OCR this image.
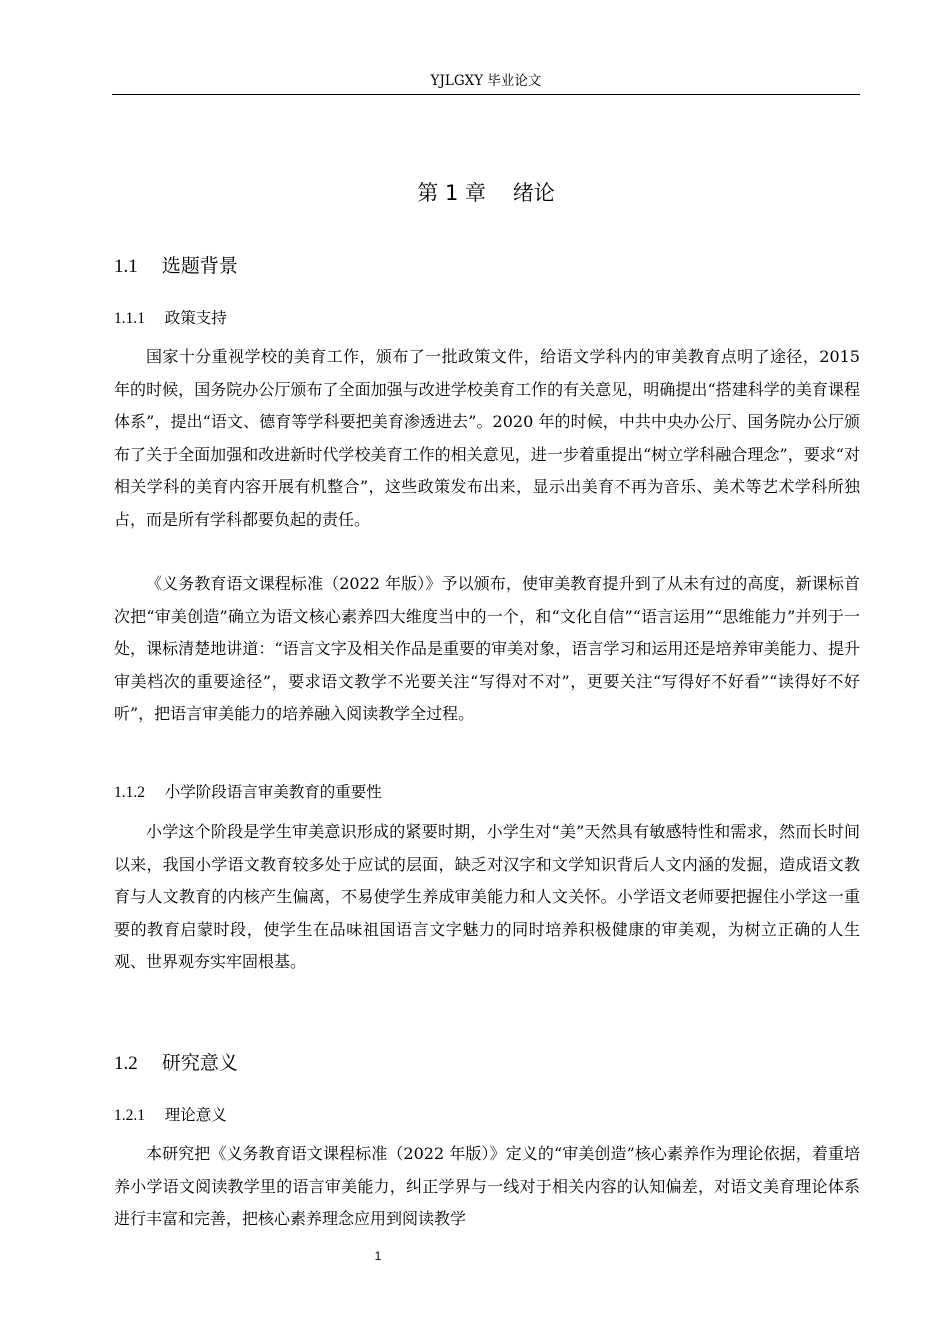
YJLGXY 毕业论文
第 1 章 绪论
1.1 选题背景
1.1.1 政策支持

国家十分重视学校的美育工作，颁布了一批政策文件，给语文学科内的审美教育点明了途径，2015 年的时候，国务院办公厅颁布了全面加强与改进学校美育工作的有关意见，明确提出“搭建科学的美育课程体系”，提出“语文、德育等学科要把美育渗透进去”。2020 年的时候，中共中央办公厅、国务院办公厅颁布了关于全面加强和改进新时代学校美育工作的相关意见，进一步着重提出“树立学科融合理念”，要求“对相关学科的美育内容开展有机整合”，这些政策发布出来，显示出美育不再为音乐、美术等艺术学科所独占，而是所有学科都要负起的责任。

《义务教育语文课程标准（2022 年版）》予以颁布，使审美教育提升到了从未有过的高度，新课标首次把“审美创造”确立为语文核心素养四大维度当中的一个，和“文化自信”“语言运用”“思维能力”并列于一处，课标清楚地讲道：“语言文字及相关作品是重要的审美对象，语言学习和运用还是培养审美能力、提升审美档次的重要途径”，要求语文教学不光要关注“写得对不对”，更要关注“写得好不好看”“读得好不好听”，把语言审美能力的培养融入阅读教学全过程。

1.1.2 小学阶段语言审美教育的重要性

小学这个阶段是学生审美意识形成的紧要时期，小学生对“美”天然具有敏感特性和需求，然而长时间以来，我国小学语文教育较多处于应试的层面，缺乏对汉字和文学知识背后人文内涵的发掘，造成语文教育与人文教育的内核产生偏离，不易使学生养成审美能力和人文关怀。小学语文老师要把握住小学这一重要的教育启蒙时段，使学生在品味祖国语言文字魅力的同时培养积极健康的审美观，为树立正确的人生观、世界观夯实牢固根基。

1.2 研究意义
1.2.1 理论意义

本研究把《义务教育语文课程标准（2022 年版）》定义的“审美创造”核心素养作为理论依据，着重培养小学语文阅读教学里的语言审美能力，纠正学界与一线对于相关内容的认知偏差，对语文美育理论体系进行丰富和完善，把核心素养理念应用到阅读教学

1
